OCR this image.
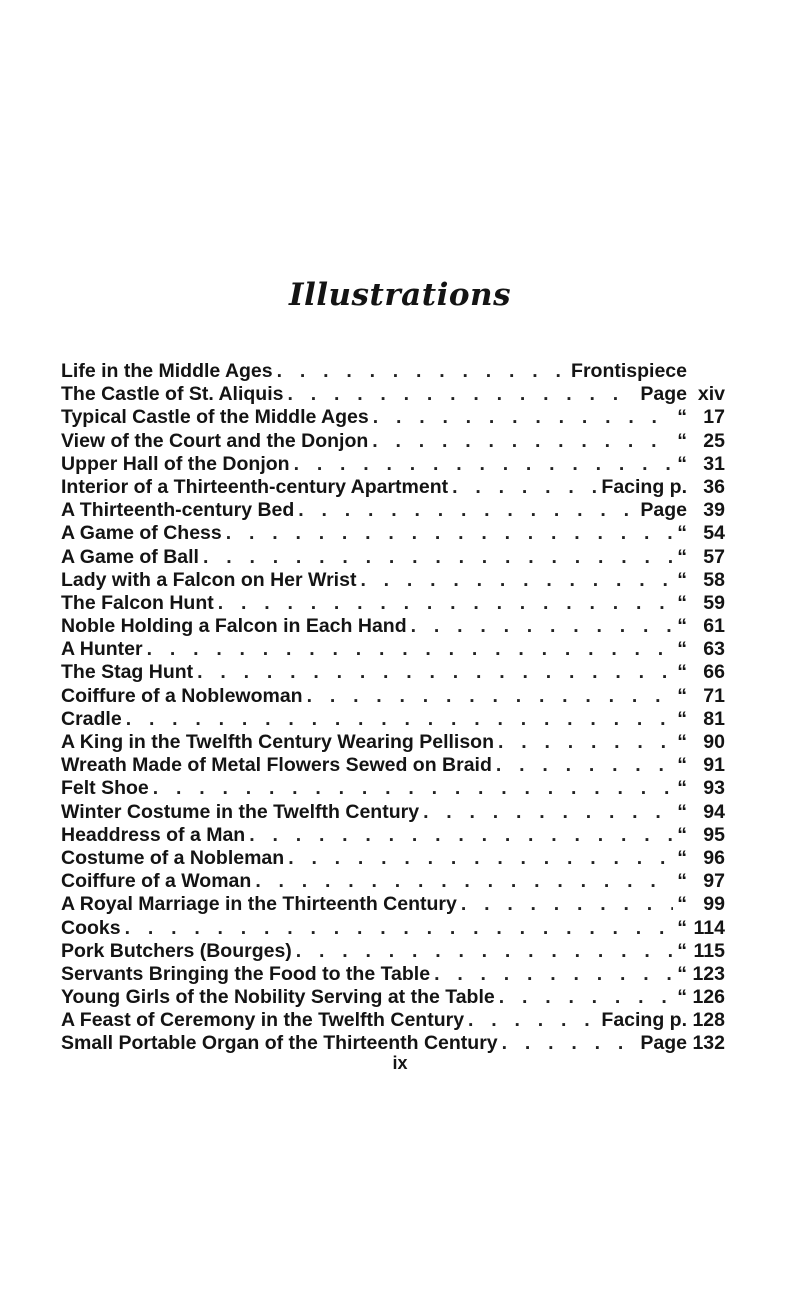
Illustrations
Life in the Middle Ages . . .	Frontispiece
The Castle of St. Aliquis . . .	Page xiv
Typical Castle of the Middle Ages . . .	“ 17
View of the Court and the Donjon . . .	“ 25
Upper Hall of the Donjon . . .	“ 31
Interior of a Thirteenth-century Apartment . . .	Facing p. 36
A Thirteenth-century Bed . . .	Page 39
A Game of Chess . . .	“ 54
A Game of Ball . . .	“ 57
Lady with a Falcon on Her Wrist . . .	“ 58
The Falcon Hunt . . .	“ 59
Noble Holding a Falcon in Each Hand . . .	“ 61
A Hunter . . .	“ 63
The Stag Hunt . . .	“ 66
Coiffure of a Noblewoman . . .	“ 71
Cradle . . .	“ 81
A King in the Twelfth Century Wearing Pellison . . .	“ 90
Wreath Made of Metal Flowers Sewed on Braid . . .	“ 91
Felt Shoe . . .	“ 93
Winter Costume in the Twelfth Century . . .	“ 94
Headdress of a Man . . .	“ 95
Costume of a Nobleman . . .	“ 96
Coiffure of a Woman . . .	“ 97
A Royal Marriage in the Thirteenth Century . . .	“ 99
Cooks . . .	“ 114
Pork Butchers (Bourges) . . .	“ 115
Servants Bringing the Food to the Table . . .	“ 123
Young Girls of the Nobility Serving at the Table . . .	“ 126
A Feast of Ceremony in the Twelfth Century . . .	Facing p. 128
Small Portable Organ of the Thirteenth Century . . .	Page 132
ix
